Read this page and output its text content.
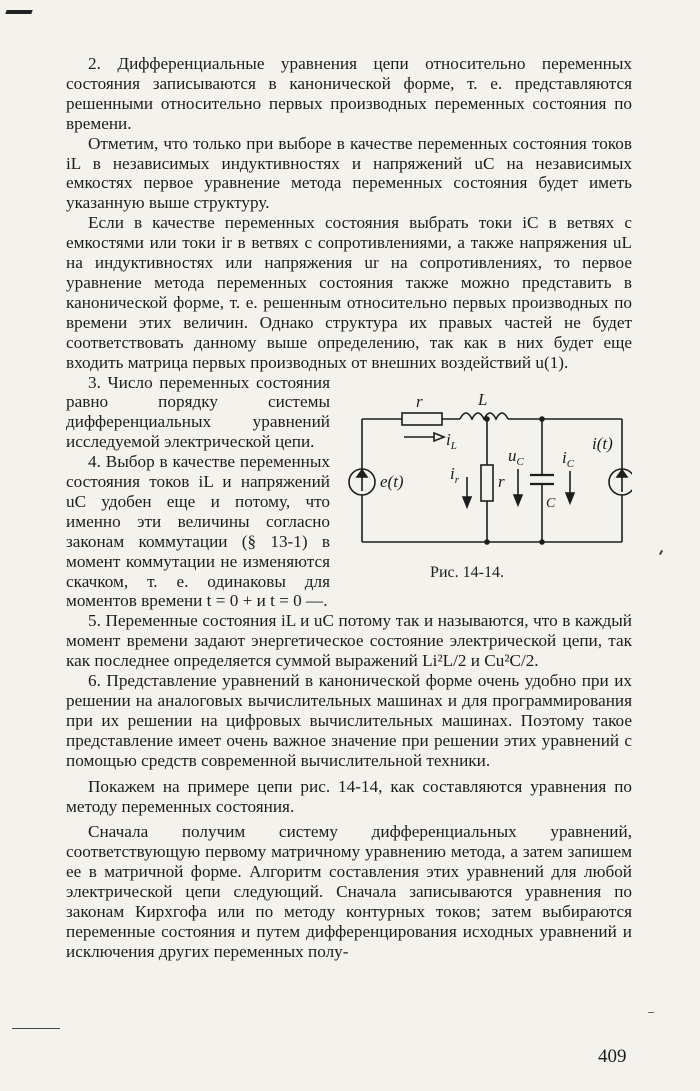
2. Дифференциальные уравнения цепи относительно переменных состояния записываются в канонической форме, т. е. представляются решенными относительно первых производных переменных состояния по времени.

Отметим, что только при выборе в качестве переменных состояния токов iL в независимых индуктивностях и напряжений uC на независимых емкостях первое уравнение метода переменных состояния будет иметь указанную выше структуру.

Если в качестве переменных состояния выбрать токи iC в ветвях с емкостями или токи ir в ветвях с сопротивлениями, а также напряжения uL на индуктивностях или напряжения ur на сопротивлениях, то первое уравнение метода переменных состояния также можно представить в канонической форме, т. е. решенным относительно первых производных по времени этих величин. Однако структура их правых частей не будет соответствовать данному выше определению, так как в них будет еще входить матрица первых производных от внешних воздействий u(1).

r	L
$i_L$
e(t)	$i_r$ r
$u_C$ $i_C$
C
i(t)
Рис. 14-14.

3. Число переменных состояния равно порядку системы дифференциальных уравнений исследуемой электрической цепи.

4. Выбор в качестве переменных состояния токов iL и напряжений uC удобен еще и потому, что именно эти величины согласно законам коммутации (§ 13-1) в момент коммутации не изменяются скачком, т. е. одинаковы для моментов времени t = 0 + и t = 0 —.

5. Переменные состояния iL и uC потому так и называются, что в каждый момент времени задают энергетическое состояние электрической цепи, так как последнее определяется суммой выражений Li²L/2 и Cu²C/2.

6. Представление уравнений в канонической форме очень удобно при их решении на аналоговых вычислительных машинах и для программирования при их решении на цифровых вычислительных машинах. Поэтому такое представление имеет очень важное значение при решении этих уравнений с помощью средств современной вычислительной техники.

Покажем на примере цепи рис. 14-14, как составляются уравнения по методу переменных состояния.

Сначала получим систему дифференциальных уравнений, соответствующую первому матричному уравнению метода, а затем запишем ее в матричной форме. Алгоритм составления этих уравнений для любой электрической цепи следующий. Сначала записываются уравнения по законам Кирхгофа или по методу контурных токов; затем выбираются переменные состояния и путем дифференцирования исходных уравнений и исключения других переменных полу-

409
